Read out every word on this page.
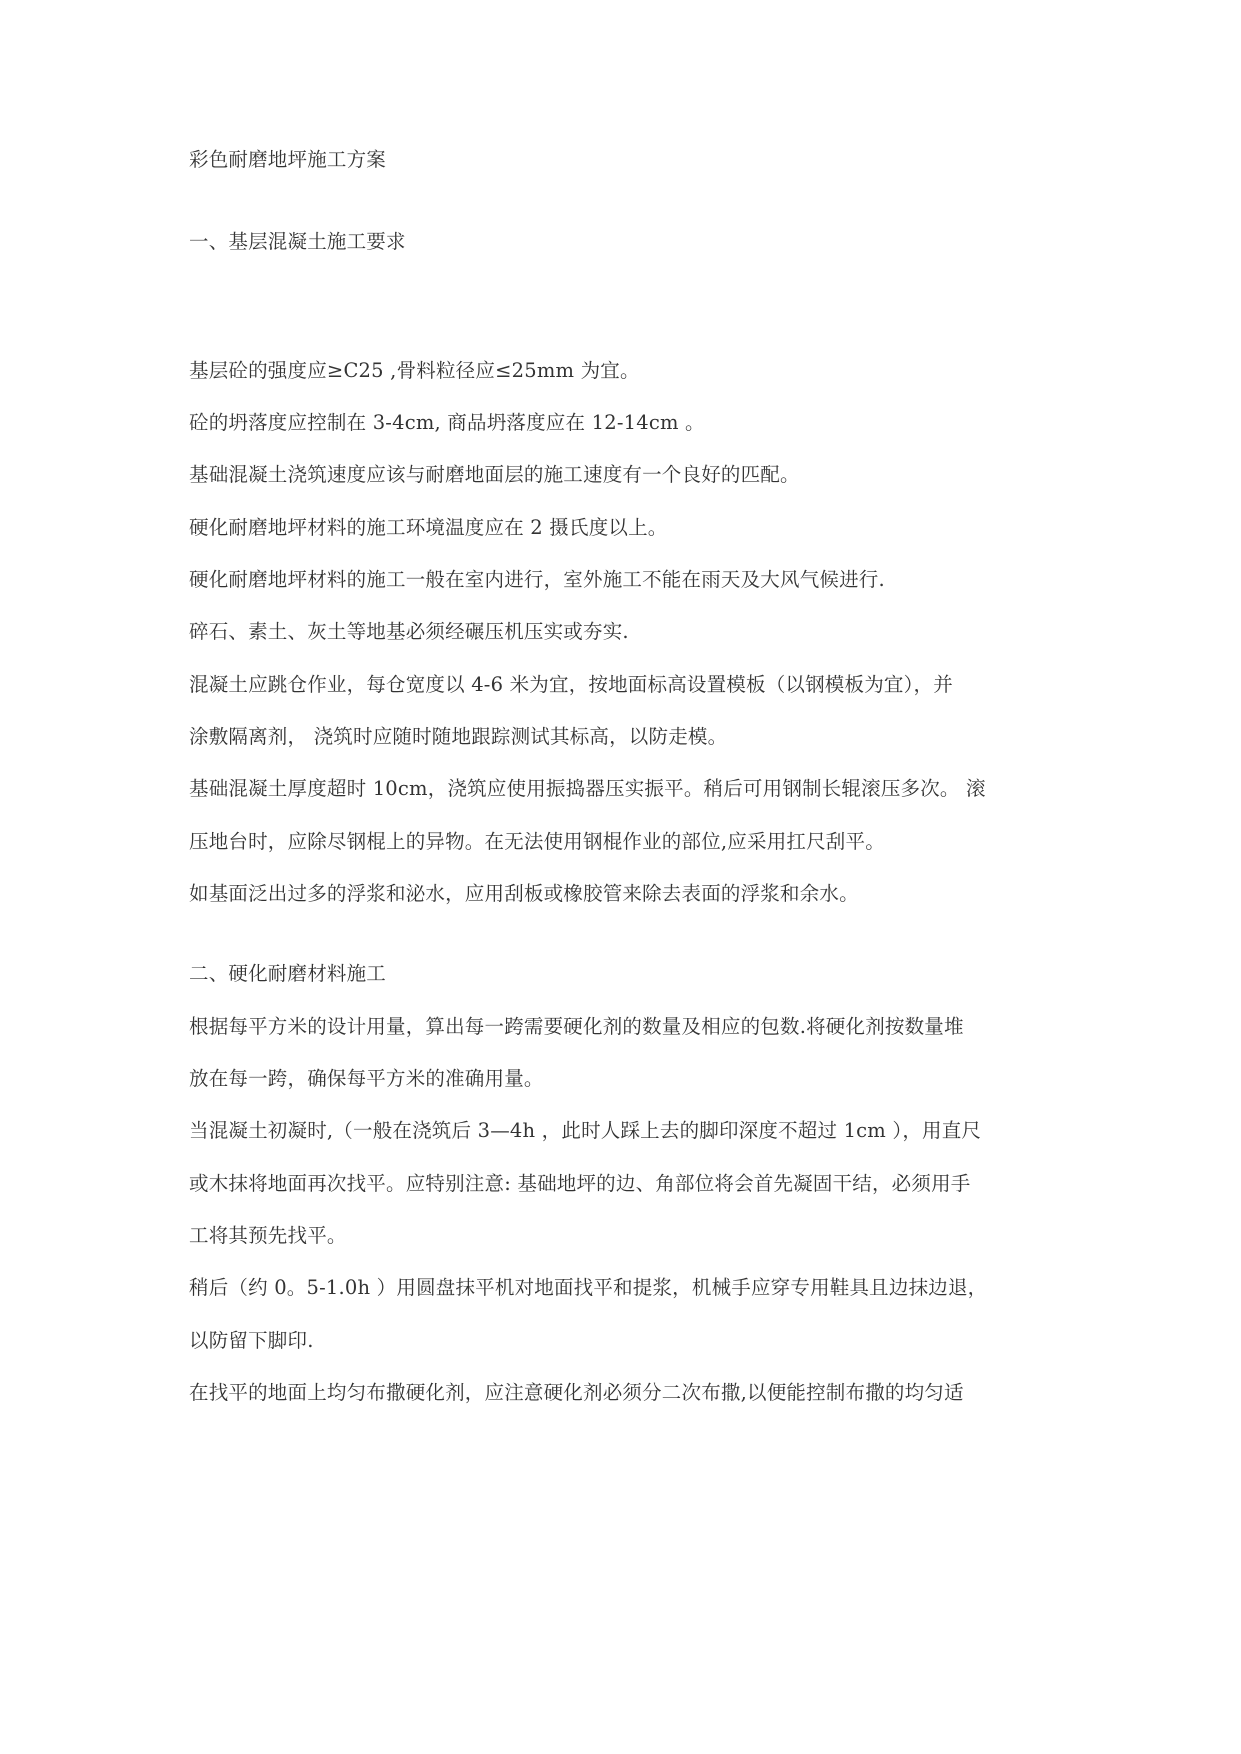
彩色耐磨地坪施工方案
一、基层混凝土施工要求
基层砼的强度应≥C25 ,骨料粒径应≤25mm 为宜。
砼的坍落度应控制在 3-4cm, 商品坍落度应在 12-14cm 。
基础混凝土浇筑速度应该与耐磨地面层的施工速度有一个良好的匹配。
硬化耐磨地坪材料的施工环境温度应在 2 摄氏度以上。
硬化耐磨地坪材料的施工一般在室内进行，室外施工不能在雨天及大风气候进行.
碎石、素土、灰土等地基必须经碾压机压实或夯实.
混凝土应跳仓作业，每仓宽度以 4-6 米为宜，按地面标高设置模板（以钢模板为宜），并
涂敷隔离剂， 浇筑时应随时随地跟踪测试其标高，以防走模。
基础混凝土厚度超时 10cm，浇筑应使用振捣器压实振平。稍后可用钢制长辊滚压多次。 滚
压地台时，应除尽钢棍上的异物。在无法使用钢棍作业的部位,应采用扛尺刮平。
如基面泛出过多的浮浆和泌水，应用刮板或橡胶管来除去表面的浮浆和余水。
二、硬化耐磨材料施工
根据每平方米的设计用量，算出每一跨需要硬化剂的数量及相应的包数.将硬化剂按数量堆
放在每一跨，确保每平方米的准确用量。
当混凝土初凝时,（一般在浇筑后 3—4h ，此时人踩上去的脚印深度不超过 1cm ），用直尺
或木抹将地面再次找平。应特别注意: 基础地坪的边、角部位将会首先凝固干结，必须用手
工将其预先找平。
稍后（约 0。5-1.0h ）用圆盘抹平机对地面找平和提浆，机械手应穿专用鞋具且边抹边退，
以防留下脚印.
在找平的地面上均匀布撒硬化剂，应注意硬化剂必须分二次布撒,以便能控制布撒的均匀适
